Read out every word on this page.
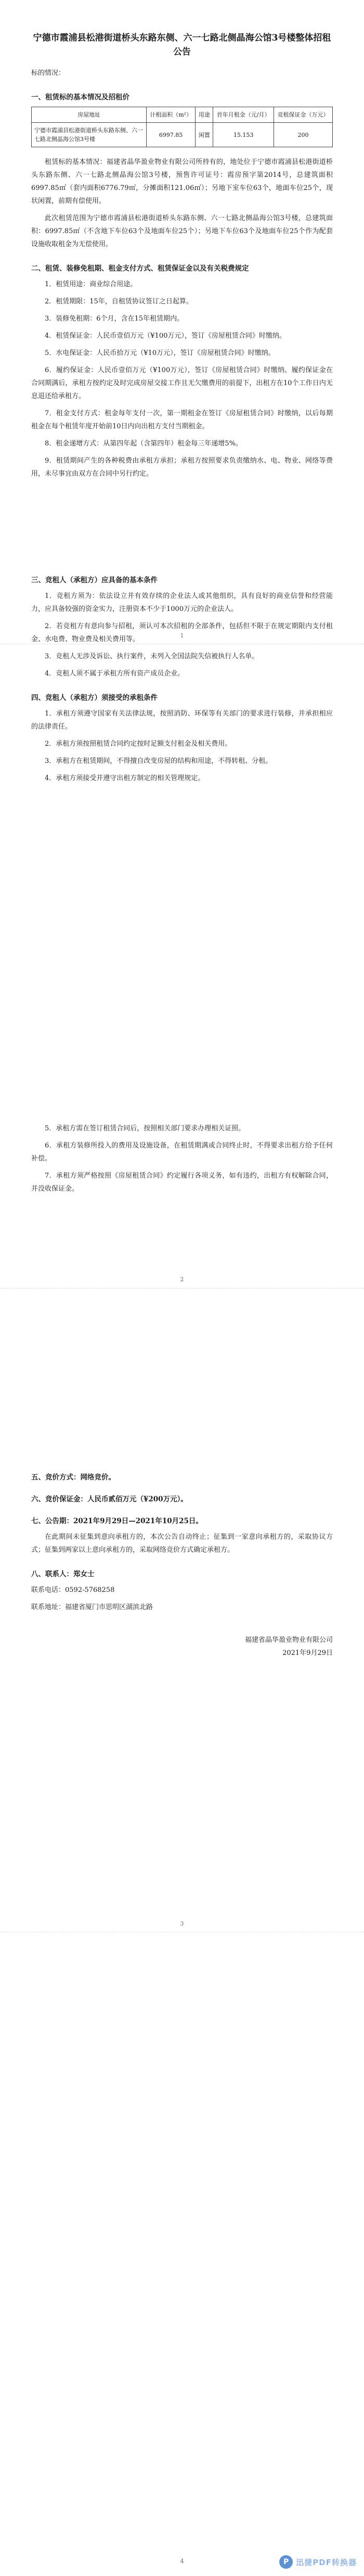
1
2
3
4
宁德市霞浦县松港街道桥头东路东侧、六一七路北侧晶海公馆3号楼整体招租公告

标的情况：

一、租赁标的基本情况及招租价
房屋地址	计租面积（m²）	用途	首年月租金（元/月）	竞租保证金（万元）
宁德市霞浦县松港街道桥头东路东侧、六一七路北侧晶海公馆3号楼	6997.85	闲置	15.153	200

租赁标的基本情况：福建省晶华盈业物业有限公司所持有的，地处位于宁德市霞浦县松港街道桥头东路东侧、六一七路北侧晶海公馆3号楼，预售许可证号：霞房预字第2014号，总建筑面积6997.85㎡（套内面积6776.79㎡，分摊面积121.06㎡）；另地下室车位63个，地面车位25个，现状闲置，前期有偿使用。

此次租赁范围为宁德市霞浦县松港街道桥头东路东侧、六一七路北侧晶海公馆3号楼，总建筑面积：6997.85㎡（不含地下车位63个及地面车位25个）；另地下车位63个及地面车位25个作为配套设施收取租金为无偿使用。

二、租赁、装修免租期、租金支付方式、租赁保证金以及有关税费规定

1．租赁用途：商业综合用途。

2．租赁期限：15年，自租赁协议签订之日起算。

3．装修免租期：6个月，含在15年租赁期内。

4．租赁保证金：人民币壹佰万元（¥100万元），签订《房屋租赁合同》时缴纳。

5．水电保证金：人民币拾万元（¥10万元），签订《房屋租赁合同》时缴纳。

6．履约保证金：人民币壹佰万元（¥100万元），签订《房屋租赁合同》时缴纳。履约保证金在合同期满后，承租方按约定及时完成房屋交接工作且无欠缴费用的前提下，出租方在10个工作日内无息退还给承租方。

7．租金支付方式：租金每年支付一次，第一期租金在签订《房屋租赁合同》时缴纳，以后每期租金在每个租赁年度开始前10日内向出租方支付当期租金。

8．租金递增方式：从第四年起（含第四年）租金每三年递增5%。

9．租赁期间产生的各种税费由承租方承担；承租方按照要求负责缴纳水、电、物业、网络等费用，未尽事宜由双方在合同中另行约定。

三、竞租人（承租方）应具备的基本条件

1．竞租方须为：依法设立并有效存续的企业法人或其他组织，具有良好的商业信誉和经营能力，应具备较强的资金实力，注册资本不少于1000万元的企业法人。

2．若竞租方有意向参与招租，须认可本次招租的全部条件，包括但不限于在规定期限内支付租金、水电费、物业费及相关费用等。

3．竞租人无涉及诉讼、执行案件，未列入全国法院失信被执行人名单。

4．竞租人须不属于承租方所有资产成员企业。

四、竞租人（承租方）须接受的承租条件

1．承租方须遵守国家有关法律法规，按照消防、环保等有关部门的要求进行装修，并承担相应的法律责任。

2．承租方须按照租赁合同约定按时足额支付租金及相关费用。

3．承租方在租赁期间，不得擅自改变房屋的结构和用途，不得转租、分租。

4．承租方须接受并遵守出租方制定的相关管理规定。

5．承租方需在签订租赁合同后，按照相关部门要求办理相关证照。

6．承租方装修所投入的费用及设施设备，在租赁期满或合同终止时，不得要求出租方给予任何补偿。

7．承租方须严格按照《房屋租赁合同》约定履行各项义务，如有违约，出租方有权解除合同，并没收保证金。

五、竞价方式：网络竞价。
六、竞价保证金：人民币贰佰万元（¥200万元）。
七、公告期：2021年9月29日—2021年10月25日。

在此期间未征集到意向承租方的，本次公告自动终止；征集到一家意向承租方的，采取协议方式；征集到两家以上意向承租方的，采取网络竞价方式确定承租方。

八、联系人：郑女士

联系电话：0592-5768258

联系地址：福建省厦门市思明区湖滨北路

福建省晶华盈业物业有限公司

2021年9月29日

P 迅捷PDF转换器
